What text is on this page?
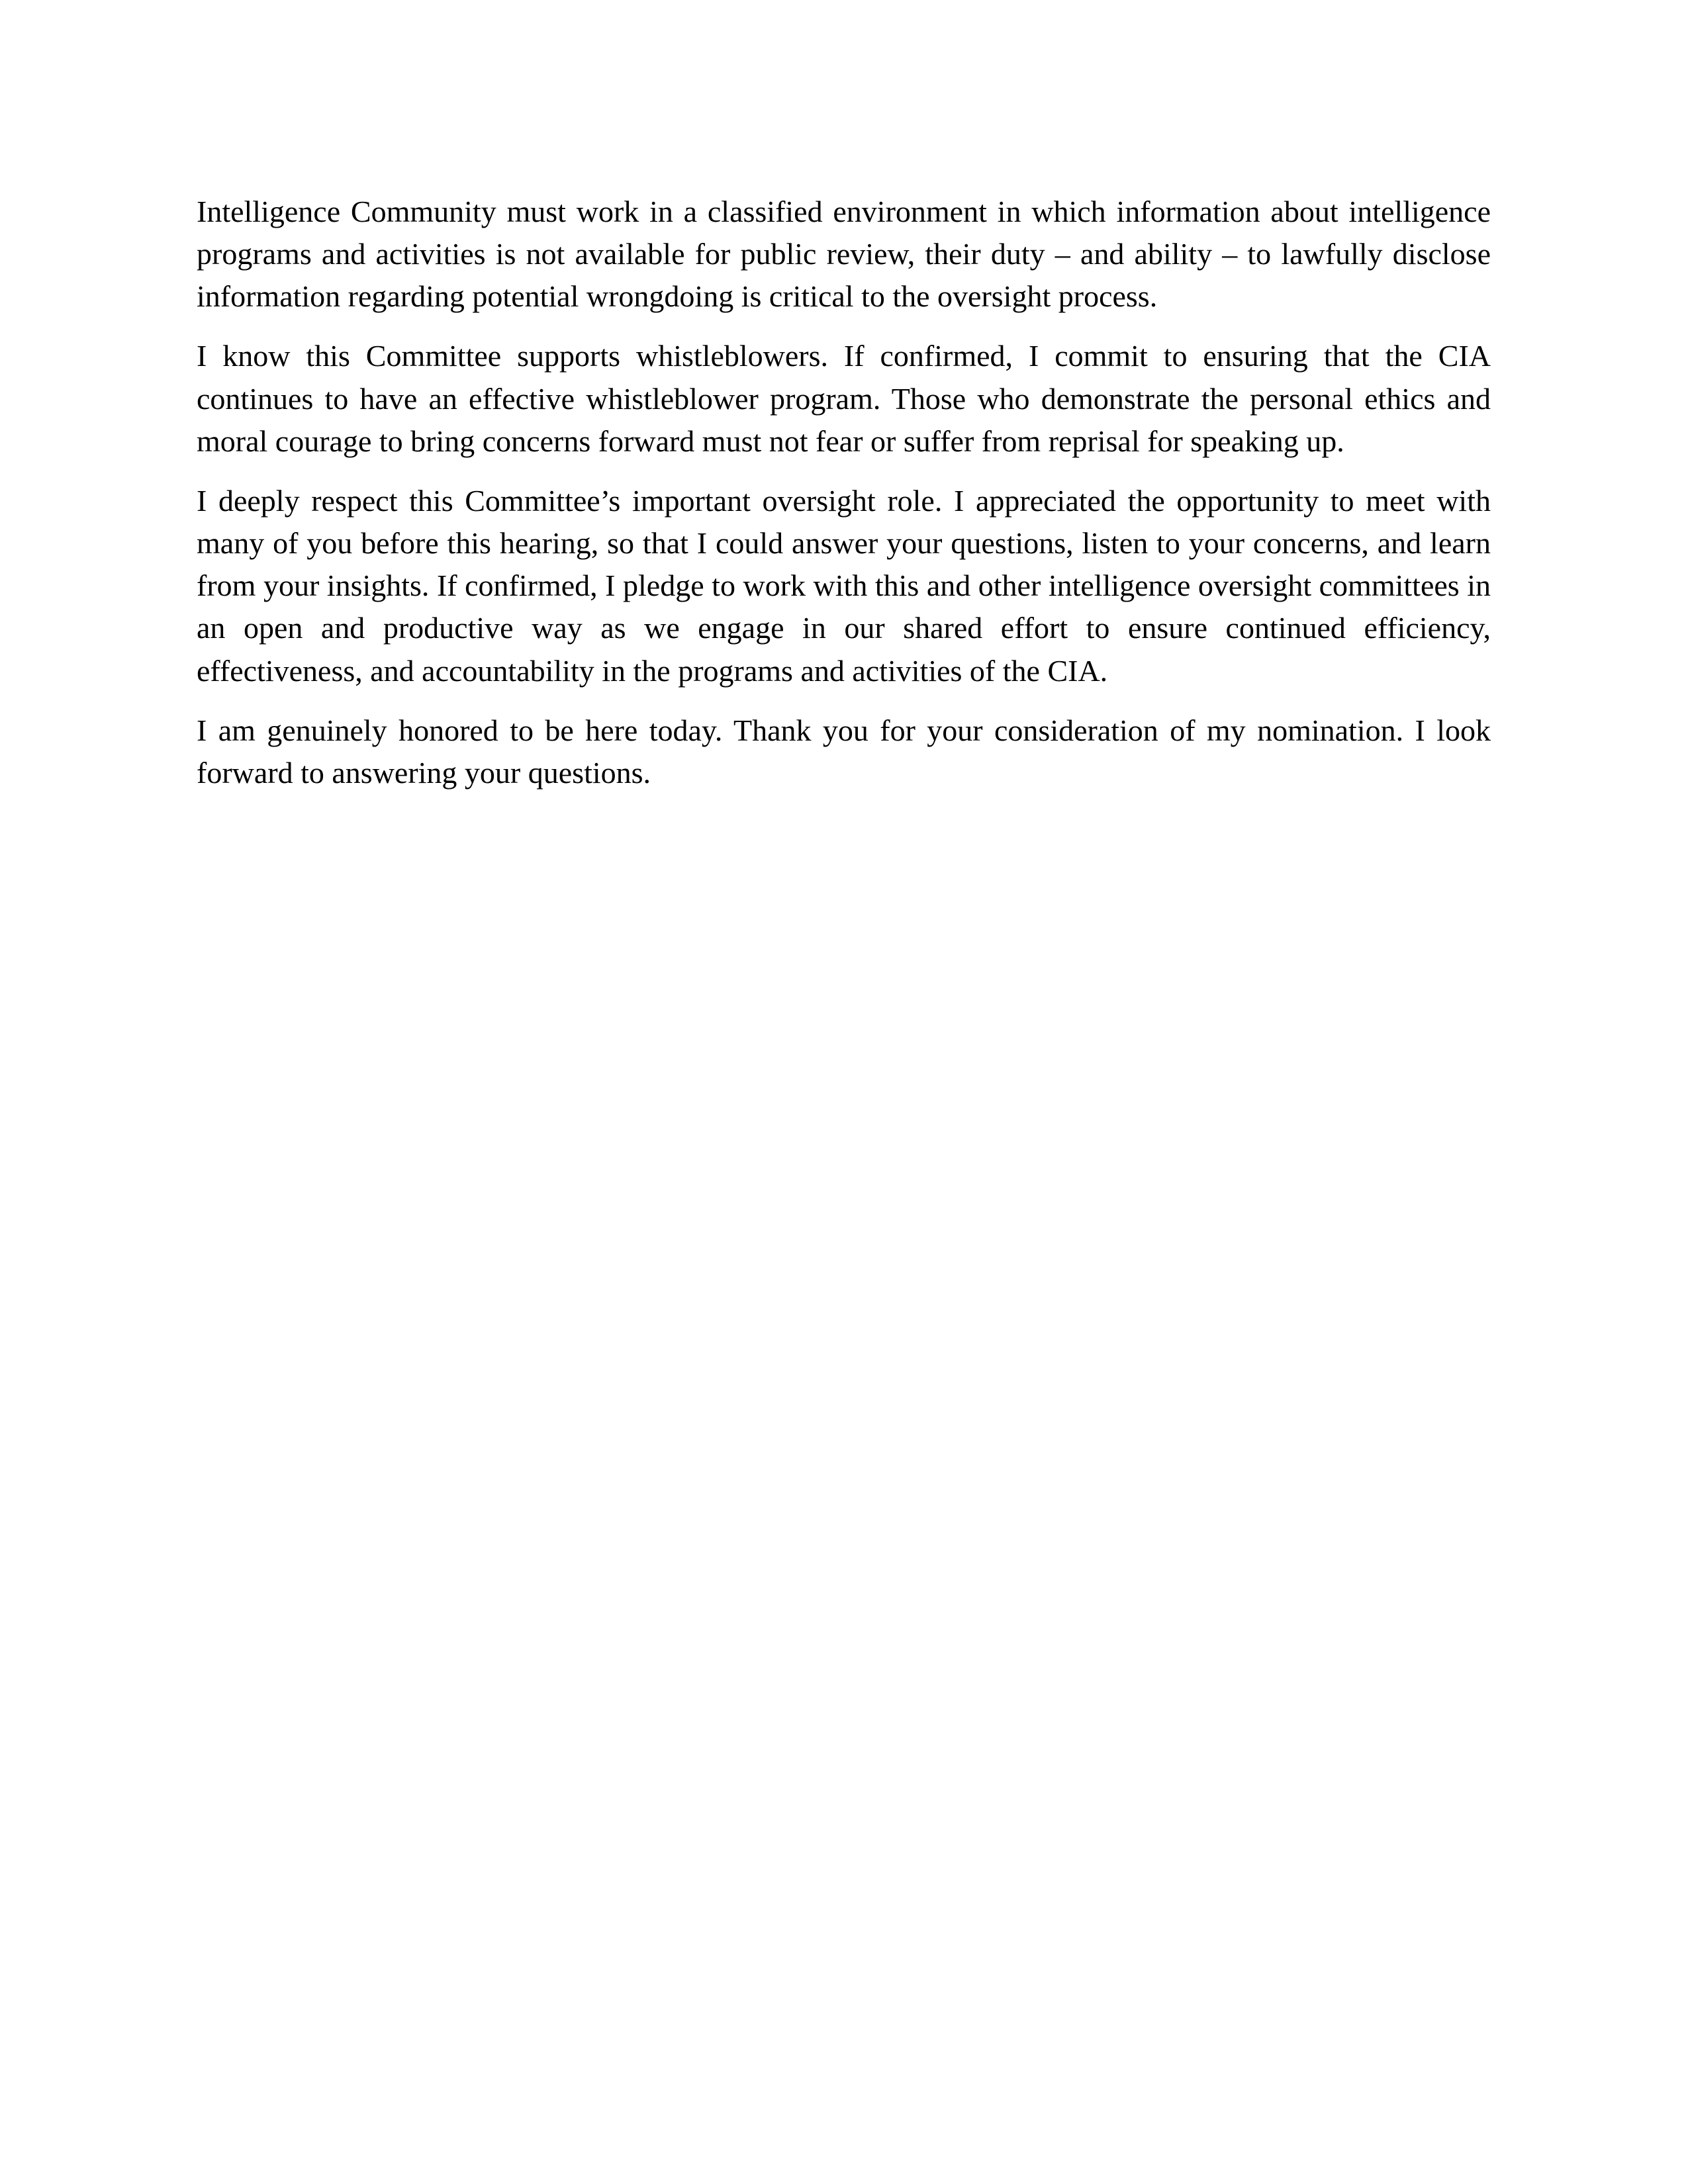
Intelligence Community must work in a classified environment in which information about intelligence programs and activities is not available for public review, their duty – and ability – to lawfully disclose information regarding potential wrongdoing is critical to the oversight process.

I know this Committee supports whistleblowers. If confirmed, I commit to ensuring that the CIA continues to have an effective whistleblower program. Those who demonstrate the personal ethics and moral courage to bring concerns forward must not fear or suffer from reprisal for speaking up.

I deeply respect this Committee’s important oversight role. I appreciated the opportunity to meet with many of you before this hearing, so that I could answer your questions, listen to your concerns, and learn from your insights. If confirmed, I pledge to work with this and other intelligence oversight committees in an open and productive way as we engage in our shared effort to ensure continued efficiency, effectiveness, and accountability in the programs and activities of the CIA.

I am genuinely honored to be here today. Thank you for your consideration of my nomination. I look forward to answering your questions.
